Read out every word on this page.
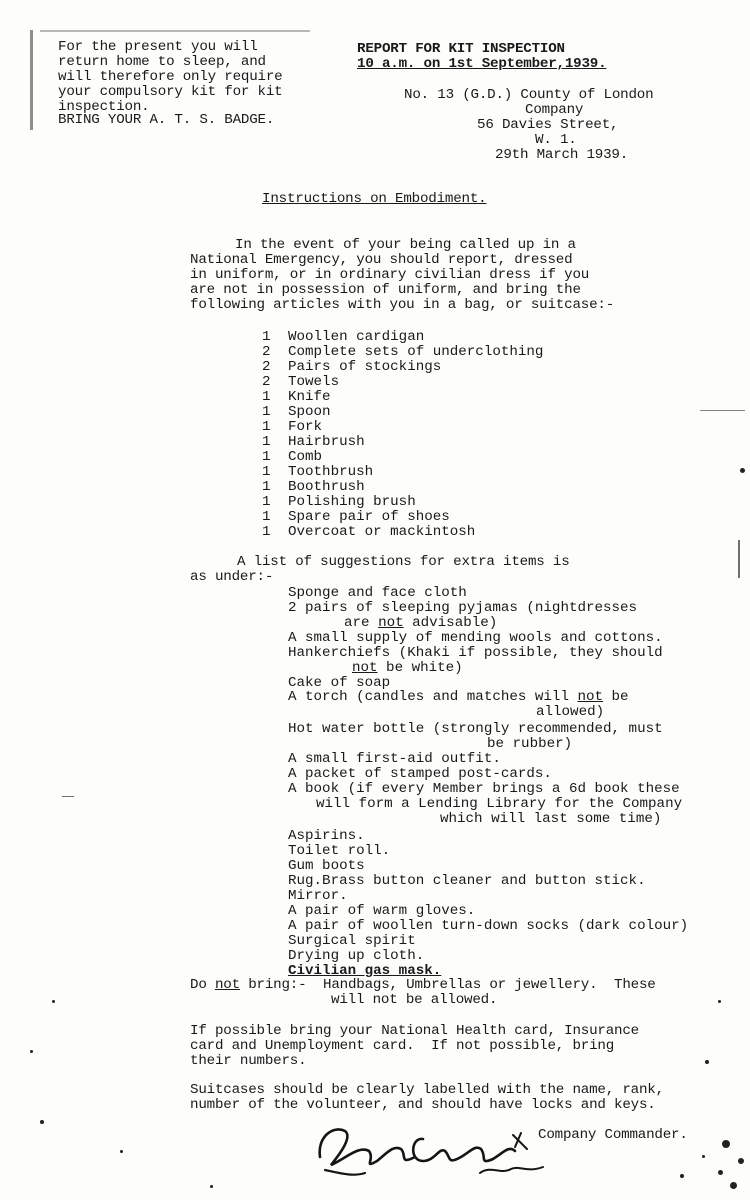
For the present you will
return home to sleep, and
will therefore only require
your compulsory kit for kit
inspection.
BRING YOUR A. T. S. BADGE.
REPORT FOR KIT INSPECTION
10 a.m. on 1st September,1939.
No. 13 (G.D.) County of London
Company
56 Davies Street,
W. 1.
29th March 1939.
Instructions on Embodiment.
In the event of your being called up in a
National Emergency, you should report, dressed
in uniform, or in ordinary civilian dress if you
are not in possession of uniform, and bring the
following articles with you in a bag, or suitcase:-
1 Woollen cardigan
2 Complete sets of underclothing
2 Pairs of stockings
2 Towels
1 Knife
1 Spoon
1 Fork
1 Hairbrush
1 Comb
1 Toothbrush
1 Boothrush
1 Polishing brush
1 Spare pair of shoes
1 Overcoat or mackintosh
A list of suggestions for extra items is
as under:-
Sponge and face cloth
2 pairs of sleeping pyjamas (nightdresses
are not advisable)
A small supply of mending wools and cottons.
Hankerchiefs (Khaki if possible, they should
not be white)
Cake of soap
A torch (candles and matches will not be
allowed)
Hot water bottle (strongly recommended, must
be rubber)
A small first-aid outfit.
A packet of stamped post-cards.
A book (if every Member brings a 6d book these
will form a Lending Library for the Company
which will last some time)
Aspirins.
Toilet roll.
Gum boots
Rug.Brass button cleaner and button stick.
Mirror.
A pair of warm gloves.
A pair of woollen turn-down socks (dark colour)
Surgical spirit
Drying up cloth.
Civilian gas mask.
Do not bring:-  Handbags, Umbrellas or jewellery.  These
will not be allowed.
If possible bring your National Health card, Insurance
card and Unemployment card.  If not possible, bring
their numbers.
Suitcases should be clearly labelled with the name, rank,
number of the volunteer, and should have locks and keys.
Company Commander.
